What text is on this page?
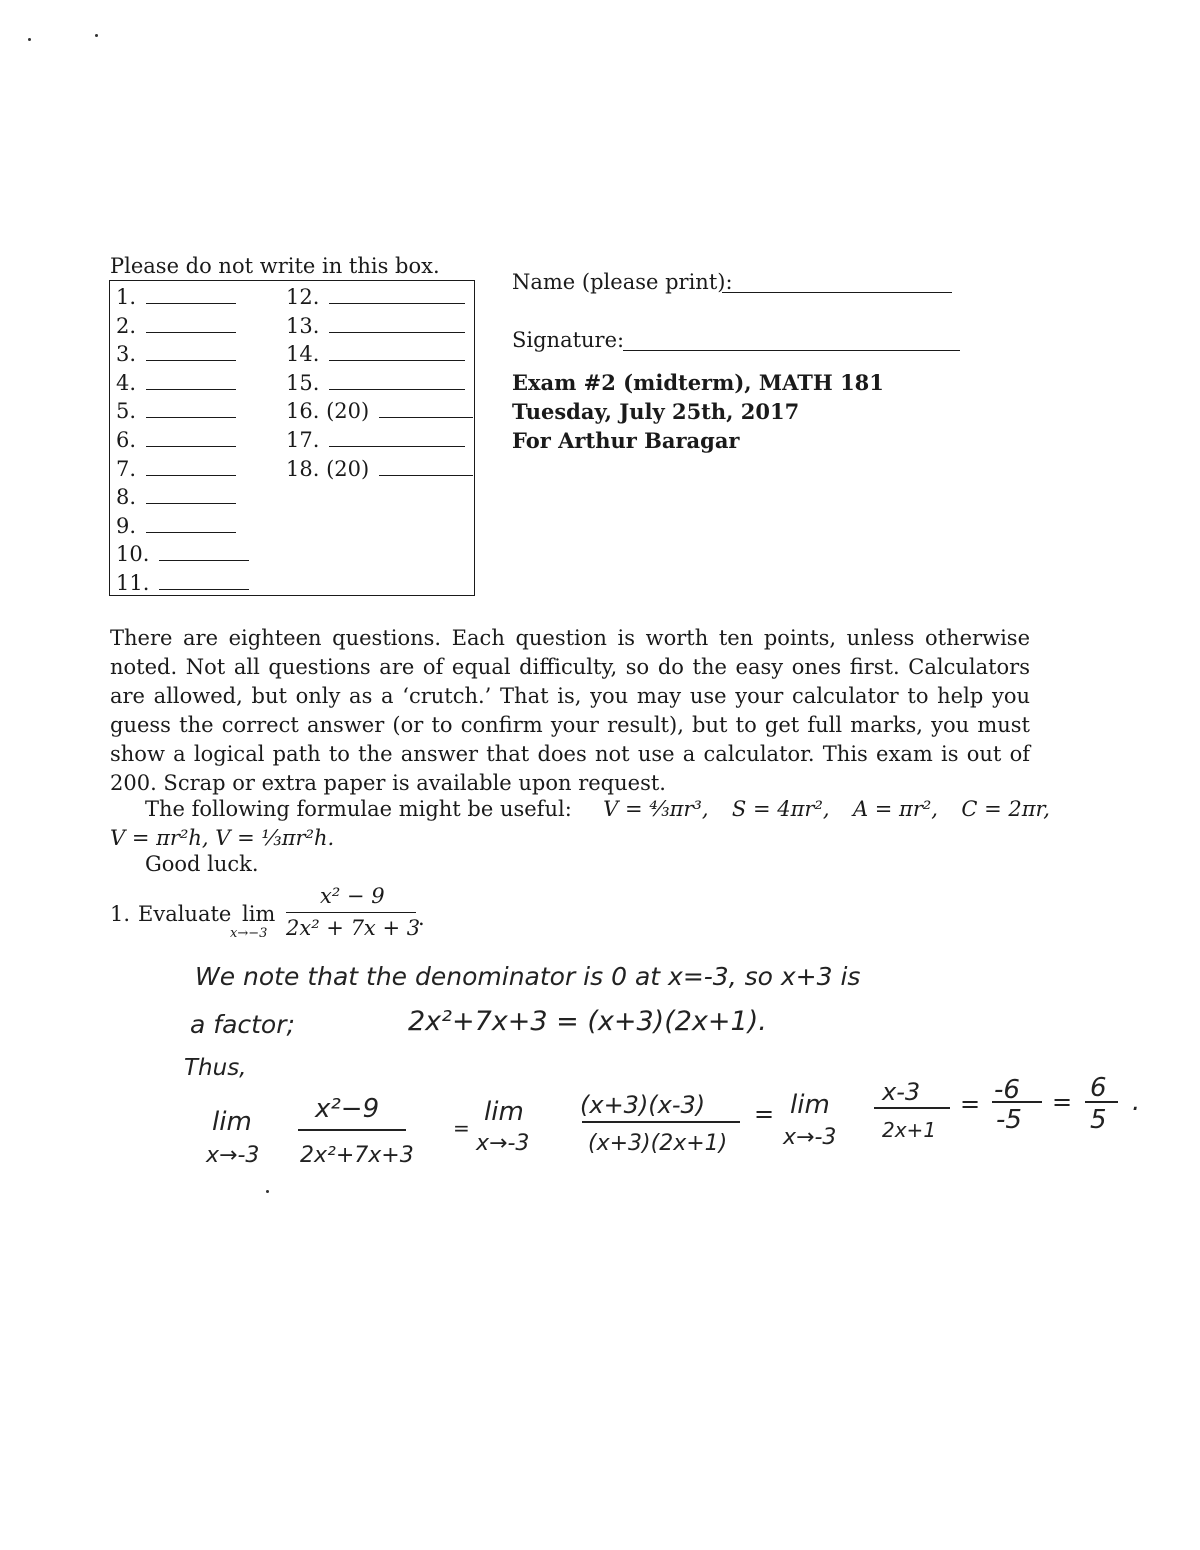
Please do not write in this box.
1.
2.
3.
4.
5.
6.
7.
8.
9.
10.
11.
12.
13.
14.
15.
16. (20)
17.
18. (20)
Name (please print):
Signature:
Exam #2 (midterm), MATH 181
Tuesday, July 25th, 2017
For Arthur Baragar
There are eighteen questions. Each question is worth ten points, unless otherwise noted. Not all questions are of equal difficulty, so do the easy ones first. Calculators are allowed, but only as a ‘crutch.’ That is, you may use your calculator to help you guess the correct answer (or to confirm your result), but to get full marks, you must show a logical path to the answer that does not use a calculator. This exam is out of 200. Scrap or extra paper is available upon request.
The following formulae might be useful: V = ⁴⁄₃πr³, S = 4πr², A = πr², C = 2πr,
V = πr²h, V = ⅓πr²h.
Good luck.
1. Evaluate lim
x→−3
x² − 9
2x² + 7x + 3
.
We note that the denominator is 0 at x=-3, so x+3 is
a factor;	2x²+7x+3 = (x+3)(2x+1).
Thus,
lim
x→-3
x²−9
2x²+7x+3
=
lim
x→-3
(x+3)(x-3)
(x+3)(2x+1)
= lim
x→-3
x-3
2x+1
= -6
-5
= 6
5
.
